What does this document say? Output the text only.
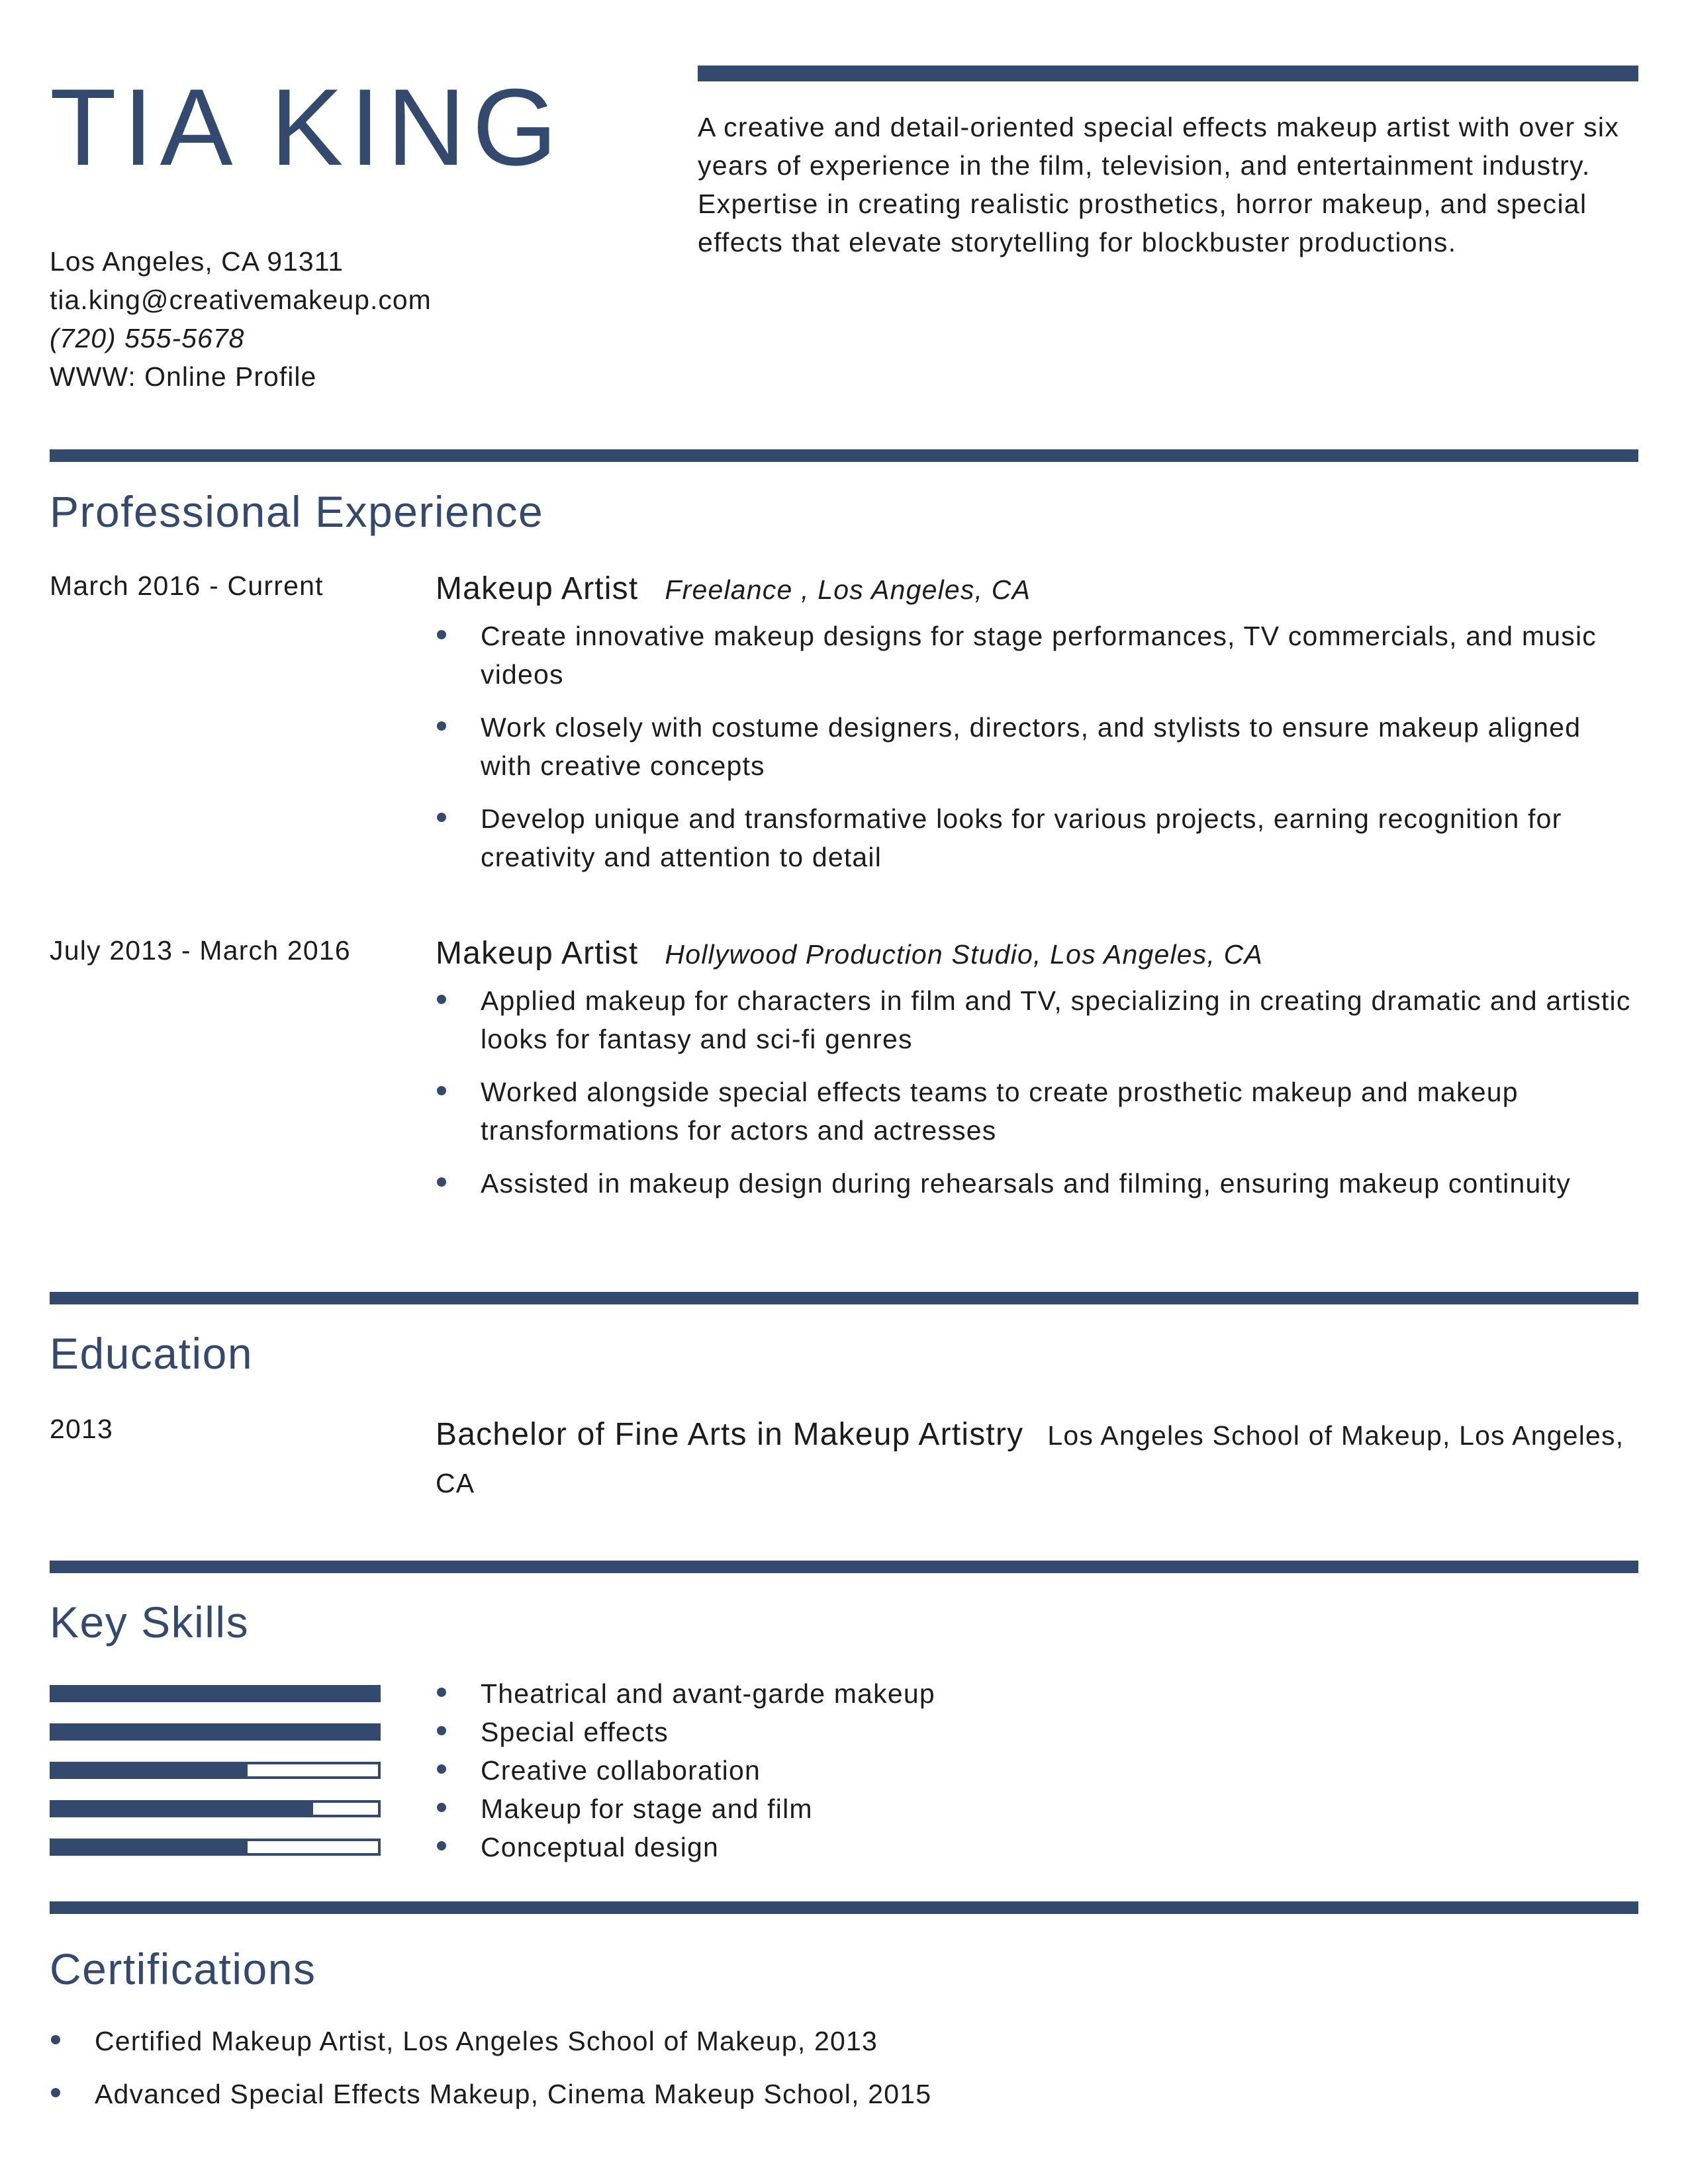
TIA KING
Los Angeles, CA 91311
tia.king@creativemakeup.com
(720) 555-5678
WWW: Online Profile
A creative and detail-oriented special effects makeup artist with over six years of experience in the film, television, and entertainment industry. Expertise in creating realistic prosthetics, horror makeup, and special effects that elevate storytelling for blockbuster productions.
Professional Experience
March 2016 - Current	Makeup Artist Freelance , Los Angeles, CA
Create innovative makeup designs for stage performances, TV commercials, and music videos
Work closely with costume designers, directors, and stylists to ensure makeup aligned with creative concepts
Develop unique and transformative looks for various projects, earning recognition for creativity and attention to detail
July 2013 - March 2016	Makeup Artist Hollywood Production Studio, Los Angeles, CA
Applied makeup for characters in film and TV, specializing in creating dramatic and artistic looks for fantasy and sci-fi genres
Worked alongside special effects teams to create prosthetic makeup and makeup transformations for actors and actresses
Assisted in makeup design during rehearsals and filming, ensuring makeup continuity
Education
2013	Bachelor of Fine Arts in Makeup Artistry Los Angeles School of Makeup, Los Angeles, CA
Key Skills
Theatrical and avant-garde makeup
Special effects
Creative collaboration
Makeup for stage and film
Conceptual design
Certifications
Certified Makeup Artist, Los Angeles School of Makeup, 2013
Advanced Special Effects Makeup, Cinema Makeup School, 2015
